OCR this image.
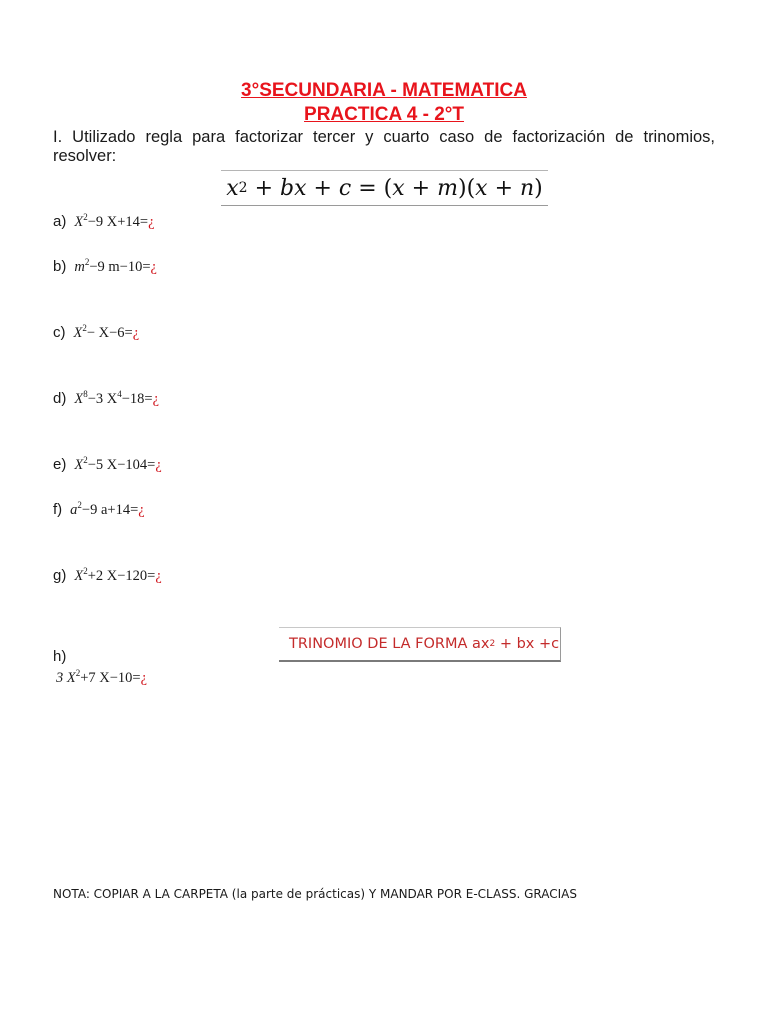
3°SECUNDARIA - MATEMATICA
PRACTICA 4 - 2°T
I. Utilizado regla para factorizar tercer y cuarto caso de factorización de trinomios, resolver:
x 2 + bx + c = ( x + m )( x + n )
a) $X^2-9$ X+14=¿
b) $m^2-9$ m−10=¿
c) $X^2-$ X−6=¿
d) $X^8-3$ $X^4-18=¿$
e) $X^2-5$ X−104=¿
f) $a^2-9$ a+14=¿
g) $X^2+2$ X−120=¿
TRINOMIO DE LA FORMA ax 2 + bx +c
h)
3 $X^2+7$ X−10=¿
NOTA: COPIAR A LA CARPETA (la parte de prácticas) Y MANDAR POR E-CLASS. GRACIAS
